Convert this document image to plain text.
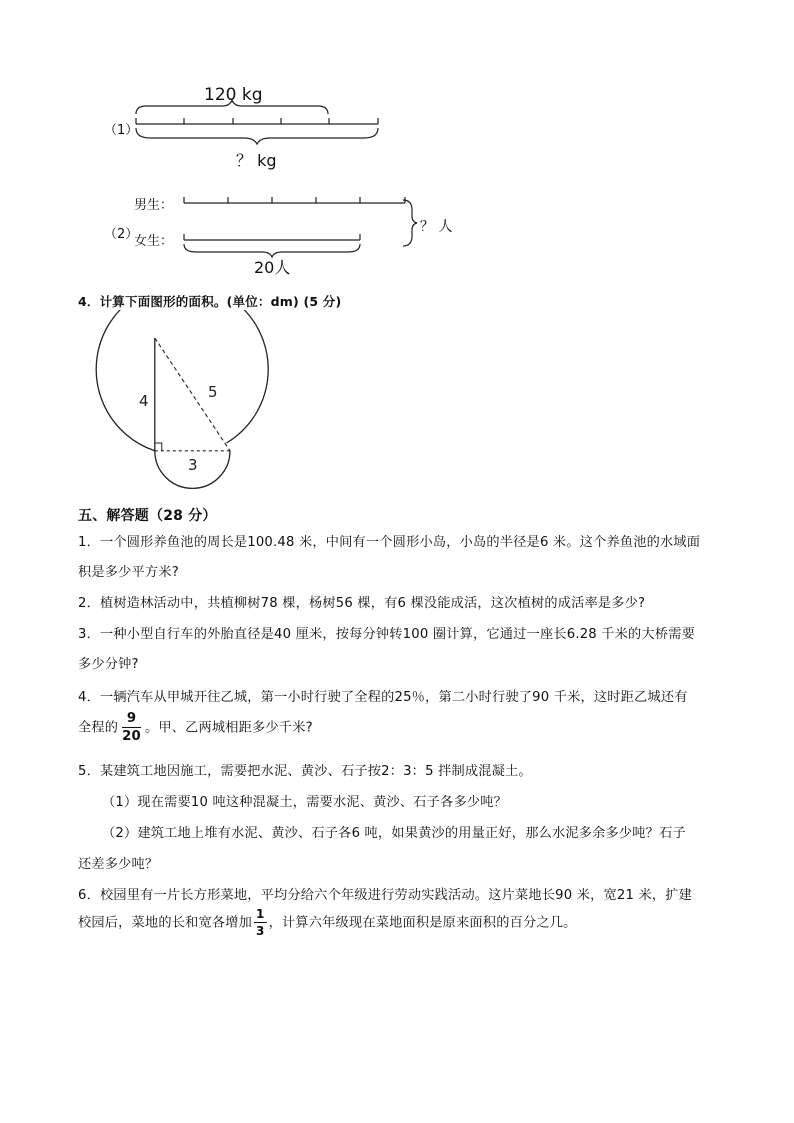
（1）
120 kg
？ kg
（2）
男生：
女生：
20人
？ 人
4．计算下面图形的面积。(单位：dm) (5 分)
4	5
3
五、解答题（28 分）
1．一个圆形养鱼池的周长是100.48 米，中间有一个圆形小岛，小岛的半径是6 米。这个养鱼池的水域面
积是多少平方米?
2．植树造林活动中，共植柳树78 棵，杨树56 棵，有6 棵没能成活，这次植树的成活率是多少?
3．一种小型自行车的外胎直径是40 厘米，按每分钟转100 圈计算，它通过一座长6.28 千米的大桥需要
多少分钟?
4．一辆汽车从甲城开往乙城，第一小时行驶了全程的25％，第二小时行驶了90 千米，这时距乙城还有
全程的 $\frac{9}{20}$ 。甲、乙两城相距多少千米?
5．某建筑工地因施工，需要把水泥、黄沙、石子按2：3：5 拌制成混凝土。
（1）现在需要10 吨这种混凝土，需要水泥、黄沙、石子各多少吨？
（2）建筑工地上堆有水泥、黄沙、石子各6 吨，如果黄沙的用量正好，那么水泥多余多少吨？石子
还差多少吨？
6．校园里有一片长方形菜地，平均分给六个年级进行劳动实践活动。这片菜地长90 米，宽21 米，扩建
校园后，菜地的长和宽各增加 $\frac{1}{3}$ ，计算六年级现在菜地面积是原来面积的百分之几。
